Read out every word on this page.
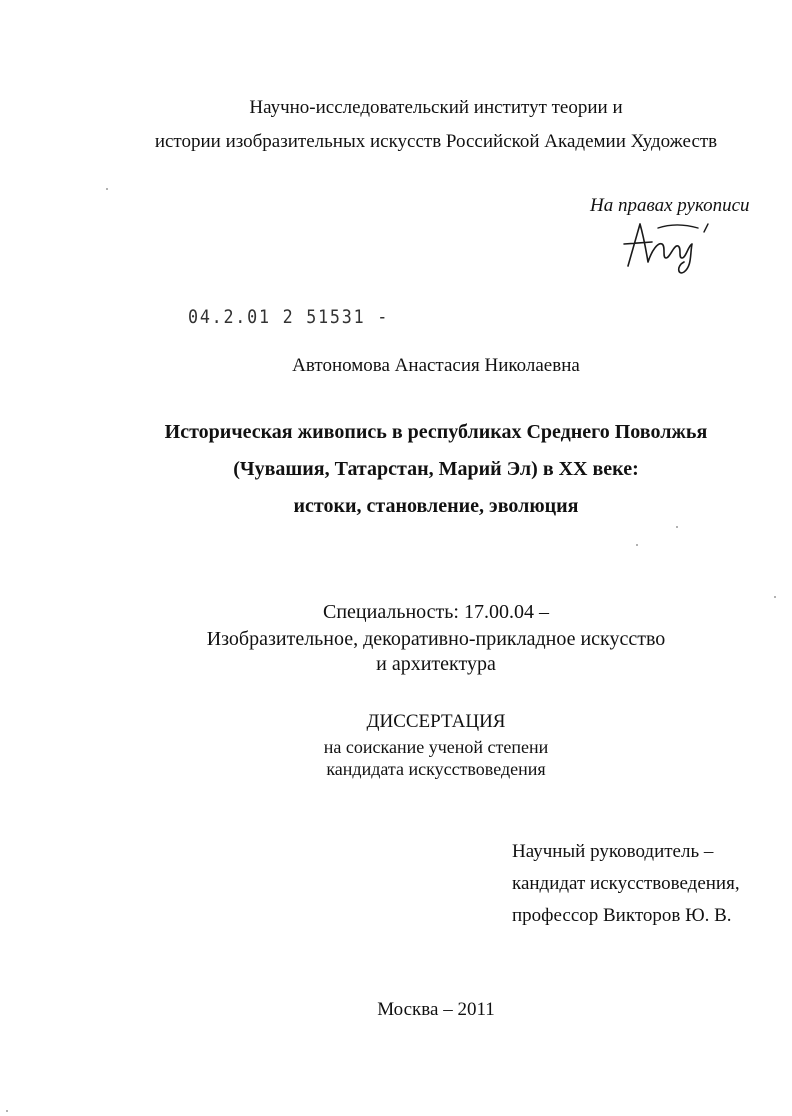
Научно-исследовательский институт теории и
истории изобразительных искусств Российской Академии Художеств
На правах рукописи
04.2.01 2 51531 -
Автономова Анастасия Николаевна
Историческая живопись в республиках Среднего Поволжья
(Чувашия, Татарстан, Марий Эл) в XX веке:
истоки, становление, эволюция
Специальность: 17.00.04 –
Изобразительное, декоративно-прикладное искусство
и архитектура
ДИССЕРТАЦИЯ
на соискание ученой степени
кандидата искусствоведения
Научный руководитель –
кандидат искусствоведения,
профессор Викторов Ю. В.
Москва – 2011
